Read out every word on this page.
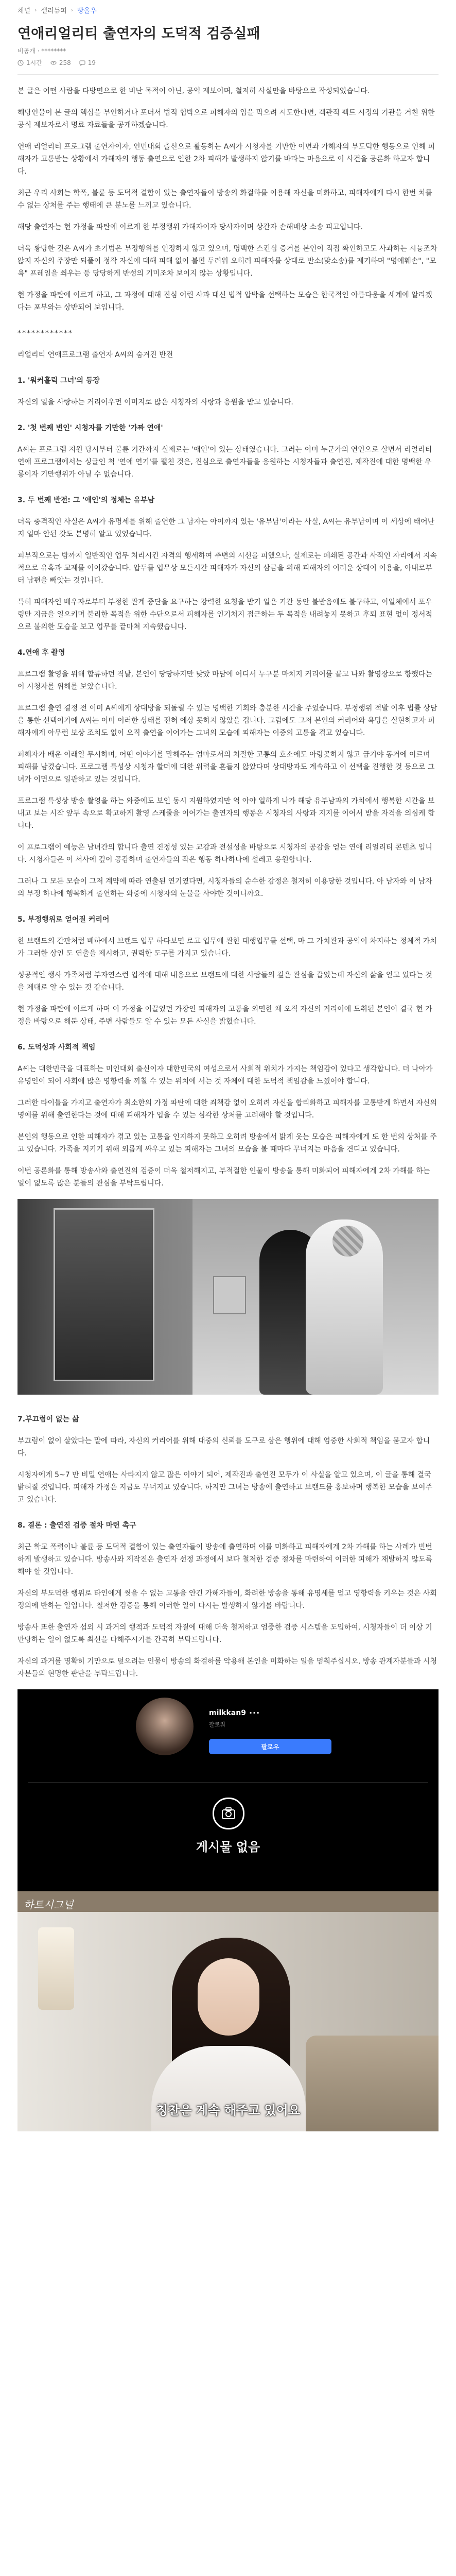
채널 › 셀러듀피 › 빵울우
연애리얼리티 출연자의 도덕적 검증실패
비공개 · ********
1시간	258	19

본 글은 어떤 사람을 다방면으로 한 비난 목적이 아닌, 공익 제보이며, 철저히 사실만을 바탕으로 작성되었습니다.

해당인물이 본 글의 핵심을 부인하거나 포더서 법적 협박으로 피해자의 입을 막으려 시도한다면, 객관적 팩트 시정의 기관을 거친 위한 공식 제보자로서 명료 자료들을 공개하겠습니다.

연애 리얼리티 프로그램 출연자이자, 인민대회 출신으로 활동하는 A씨가 시청자를 기만한 이면과 가해자의 부도덕한 행동으로 인해 피해자가 고통받는 상황에서 가해자의 행동 출연으로 인한 2차 피해가 발생하지 않기를 바라는 마음으로 이 사건을 공론화 하고자 합니다.

최근 우리 사회는 학폭, 불륜 등 도덕적 결함이 있는 출연자들이 방송의 화걸하를 이용해 자신을 미화하고, 피해자에게 다시 한번 치를 수 없는 상처를 주는 행태에 큰 분노를 느끼고 있습니다.

해당 출연자는 현 가정을 파탄에 이르게 한 부정행위 가해자이자 당사자이며 상간자 손해배상 소송 피고입니다.

더욱 황당한 것은 A씨가 초기범은 부정행위를 인정하지 않고 있으며, 명백한 스킨십 증거를 본인이 직접 확인하고도 사과하는 시늉조차 않지 자신의 주장만 되풀이 정작 자신에 대해 피해 없이 불편 두려워 오히려 피해자를 상대로 반소(맞소송)를 제기하며 "명예훼손", "모욕" 프레임을 씌우는 등 당당하게 반성의 기미조차 보이지 않는 상황입니다.

현 가정을 파탄에 이르게 하고, 그 과정에 대해 진심 어린 사과 대신 법적 압박을 선택하는 모습은 한국적인 아름다움을 세계에 알리겠다는 포부와는 상반되어 보입니다.

************

리얼리티 연애프로그램 출연자 A씨의 숨겨진 반전

1. '워커홀릭 그녀'의 등장

자신의 일을 사랑하는 커리어우먼 이미지로 많은 시청자의 사랑과 응원을 받고 있습니다.

2. '첫 번째 변인' 시청자를 기만한 '가짜 연애'

A씨는 프로그램 지원 당시부터 불륜 기간까지 실제로는 '애인'이 있는 상태였습니다. 그러는 이미 누군가의 연인으로 살면서 리얼리티 연애 프로그램에서는 싱글인 척 '연애 연기'를 펼친 것은, 진심으로 출연자들을 응원하는 시청자들과 출연진, 제작진에 대한 명백한 우롱이자 기만행위가 아닐 수 없습니다.

3. 두 번째 반전: 그 '애인'의 정체는 유부남

더욱 충격적인 사실은 A씨가 유명세를 위해 출연한 그 남자는 아이까지 있는 '유부남'이라는 사실, A씨는 유부남이며 이 세상에 태어난지 얼마 안된 갓도 분명히 알고 있었습니다.

피부적으로는 밤까지 일반적인 업무 처리시킨 자격의 행세하여 추변의 시선을 피했으나, 실제로는 폐쇄된 공간과 사적인 자리에서 지속적으로 유혹과 교제를 이어갔습니다. 압두를 업무상 모든시간 피해자가 자신의 삼금을 위해 피해자의 이러운 상태이 이용을, 아내로부터 남편을 빼앗는 것입니다.

특히 피해자인 배우자로부터 부정한 관계 중단을 요구하는 강력한 요청을 받기 일은 기간 동안 불받음에도 불구하고, 이일체에서 포우링만 지금을 일으키며 불리한 목적을 위한 수단으로서 피해자를 인기처지 접근하는 두 목적을 내려놓지 못하고 후퇴 표현 없이 정서적으로 불의한 모습을 보고 업무를 끝마쳐 지속했습니다.

4.연애 후 촬영

프로그램 촬영을 위해 합류하던 직날, 본인이 당당하지만 낮았 마담에 어디서 누구분 마치지 커리어를 끝고 나와 촬영장으로 향했다는 이 시청자를 위해를 보았습니다.

프로그램 출연 결정 전 이미 A씨에게 상대방을 되돌릴 수 있는 명백한 기회와 충분한 시간을 주었습니다. 부정행위 적발 이후 법률 상담을 통한 선택이기에 A씨는 이미 이러한 상태를 전혀 에상 못하지 않았을 겁니다. 그럼에도 그저 본인의 커리어와 욕망을 실현하고자 피해자에게 아무런 보상 조치도 없이 오직 출연을 이어가는 그녀의 모습에 피해자는 이중의 고통을 겪고 있습니다.

피해자가 배운 이래일 무시하며, 어떤 이야기를 말해주는 엄마로서의 처절한 고통의 호소에도 아랑곳하지 않고 급기야 동거에 이르며 피해를 남겼습니다. 프로그램 특성상 시청자 할머에 대한 위력을 흔들지 않았다며 상대방과도 계속하고 이 선택을 진행한 것 등으로 그녀가 이면으로 일관하고 있는 것입니다.

프로그램 특성상 방송 촬영을 하는 와중에도 보인 동시 지원하였지만 억 아야 일하게 나가 해당 유부남과의 가치에서 행복한 시간을 보내고 보는 시작 앞두 속으로 확고하게 촬영 스케줄을 이어가는 출연자의 행동은 시청자의 사랑과 지지를 이어서 받을 자격을 의심케 합니다.

이 프로그램이 예능은 남녀간의 합니다 출연 진정성 있는 교감과 전설성을 바탕으로 시청자의 공감을 얻는 연애 리얼리티 콘텐츠 입니다. 시청자들은 이 서사에 깊이 공감하며 출연자들의 작은 행동 하나하나에 설레고 응원합니다.

그러나 그 모든 모습이 그저 계약에 따라 연출된 연기였다면, 시청자들의 순수한 감정은 철저히 이용당한 것입니다. 아 남자와 이 남자의 부정 하나에 행복하게 출연하는 와중에 시청자의 눈물을 사야한 것이니까요.

5. 부정행위로 얻어질 커리어

한 브랜드의 간판처럼 배하에서 브랜드 업무 하다보면 로고 업무에 관한 대행업무를 선택, 마 그 가치관과 공익이 차지하는 정체적 가치가 그러한 상인 도 연출을 제시하고, 권력한 도구를 가지고 있습니다.

성공적인 행사 가족처럼 부자연스런 업적에 대해 내용으로 브랜드에 대한 사람들의 깊은 관심을 끌었는데 자신의 삶을 얻고 있다는 것을 제대로 알 수 있는 것 같습니다.

현 가정을 파탄에 이르게 하며 이 가정을 이끌었던 가장인 피해자의 고통을 외면한 채 오직 자신의 커리어에 도취된 본인이 결국 현 가정을 바탕으로 해둔 상태, 주변 사람들도 알 수 있는 모든 사실을 밝혔습니다.

6. 도덕성과 사회적 책임

A씨는 대한민국을 대표하는 미인대회 출신이자 대한민국의 여성으로서 사회적 위치가 가지는 책임감이 있다고 생각합니다. 더 나아가 유명인이 되어 사회에 많은 영향력을 끼칠 수 있는 위치에 서는 것 자체에 대한 도덕적 책임감을 느꼈어야 합니다.

그러한 타이틀을 가지고 출연자가 최소한의 가정 파탄에 대한 죄책감 없이 오히려 자신을 합리화하고 피해자를 고통받게 하면서 자신의 명예를 위해 출연한다는 것에 대해 피해자가 입을 수 있는 심각한 상처를 고려해야 할 것입니다.

본인의 행동으로 인한 피해자가 겪고 있는 고통을 인지하지 못하고 오히려 방송에서 밝게 웃는 모습은 피해자에게 또 한 번의 상처를 주고 있습니다. 가족을 지키기 위해 외롭게 싸우고 있는 피해자는 그녀의 모습을 볼 때마다 무너지는 마음을 견디고 있습니다.

이번 공론화를 통해 방송사와 출연진의 검증이 더욱 철저해지고, 부적절한 인물이 방송을 통해 미화되어 피해자에게 2차 가해를 하는 일이 없도록 많은 분들의 관심을 부탁드립니다.

7.부끄럼이 없는 삶

부끄럼이 없이 살았다는 말에 따라, 자신의 커리어를 위해 대중의 신뢰를 도구로 삼은 행위에 대해 엄중한 사회적 책임을 묻고자 합니다.

시청자에게 5~7 만 비밀 연애는 사라지지 않고 많은 이야기 되어, 제작진과 출연진 모두가 이 사실을 알고 있으며, 이 글을 통해 결국 밝혀질 것입니다. 피해자 가정은 지금도 무너지고 있습니다. 하지만 그녀는 방송에 출연하고 브랜드를 홍보하며 행복한 모습을 보여주고 있습니다.

8. 결론 : 출연진 검증 절차 마련 촉구

최근 학교 폭력이나 불륜 등 도덕적 결함이 있는 출연자들이 방송에 출연하며 이를 미화하고 피해자에게 2차 가해를 하는 사례가 빈번하게 발생하고 있습니다. 방송사와 제작진은 출연자 선정 과정에서 보다 철저한 검증 절차를 마련하여 이러한 피해가 재발하지 않도록 해야 할 것입니다.

자신의 부도덕한 행위로 타인에게 씻을 수 없는 고통을 안긴 가해자들이, 화려한 방송을 통해 유명세를 얻고 영향력을 키우는 것은 사회 정의에 반하는 일입니다. 철저한 검증을 통해 이러한 일이 다시는 발생하지 않기를 바랍니다.

방송사 또한 출연자 섭외 시 과거의 행적과 도덕적 자질에 대해 더욱 철저하고 엄중한 검증 시스템을 도입하여, 시청자들이 더 이상 기만당하는 일이 없도록 최선을 다해주시기를 간곡히 부탁드립니다.

자신의 과거를 명확히 기만으로 덮으려는 인물이 방송의 화걸하를 악용해 본인을 미화하는 일을 멈춰주십시오. 방송 관계자분들과 시청자분들의 현명한 판단을 부탁드립니다.

milkkan9 ···
팔로워
팔로우
게시물 없음
하트시그널
칭찬은 계속 해주고 있어요
